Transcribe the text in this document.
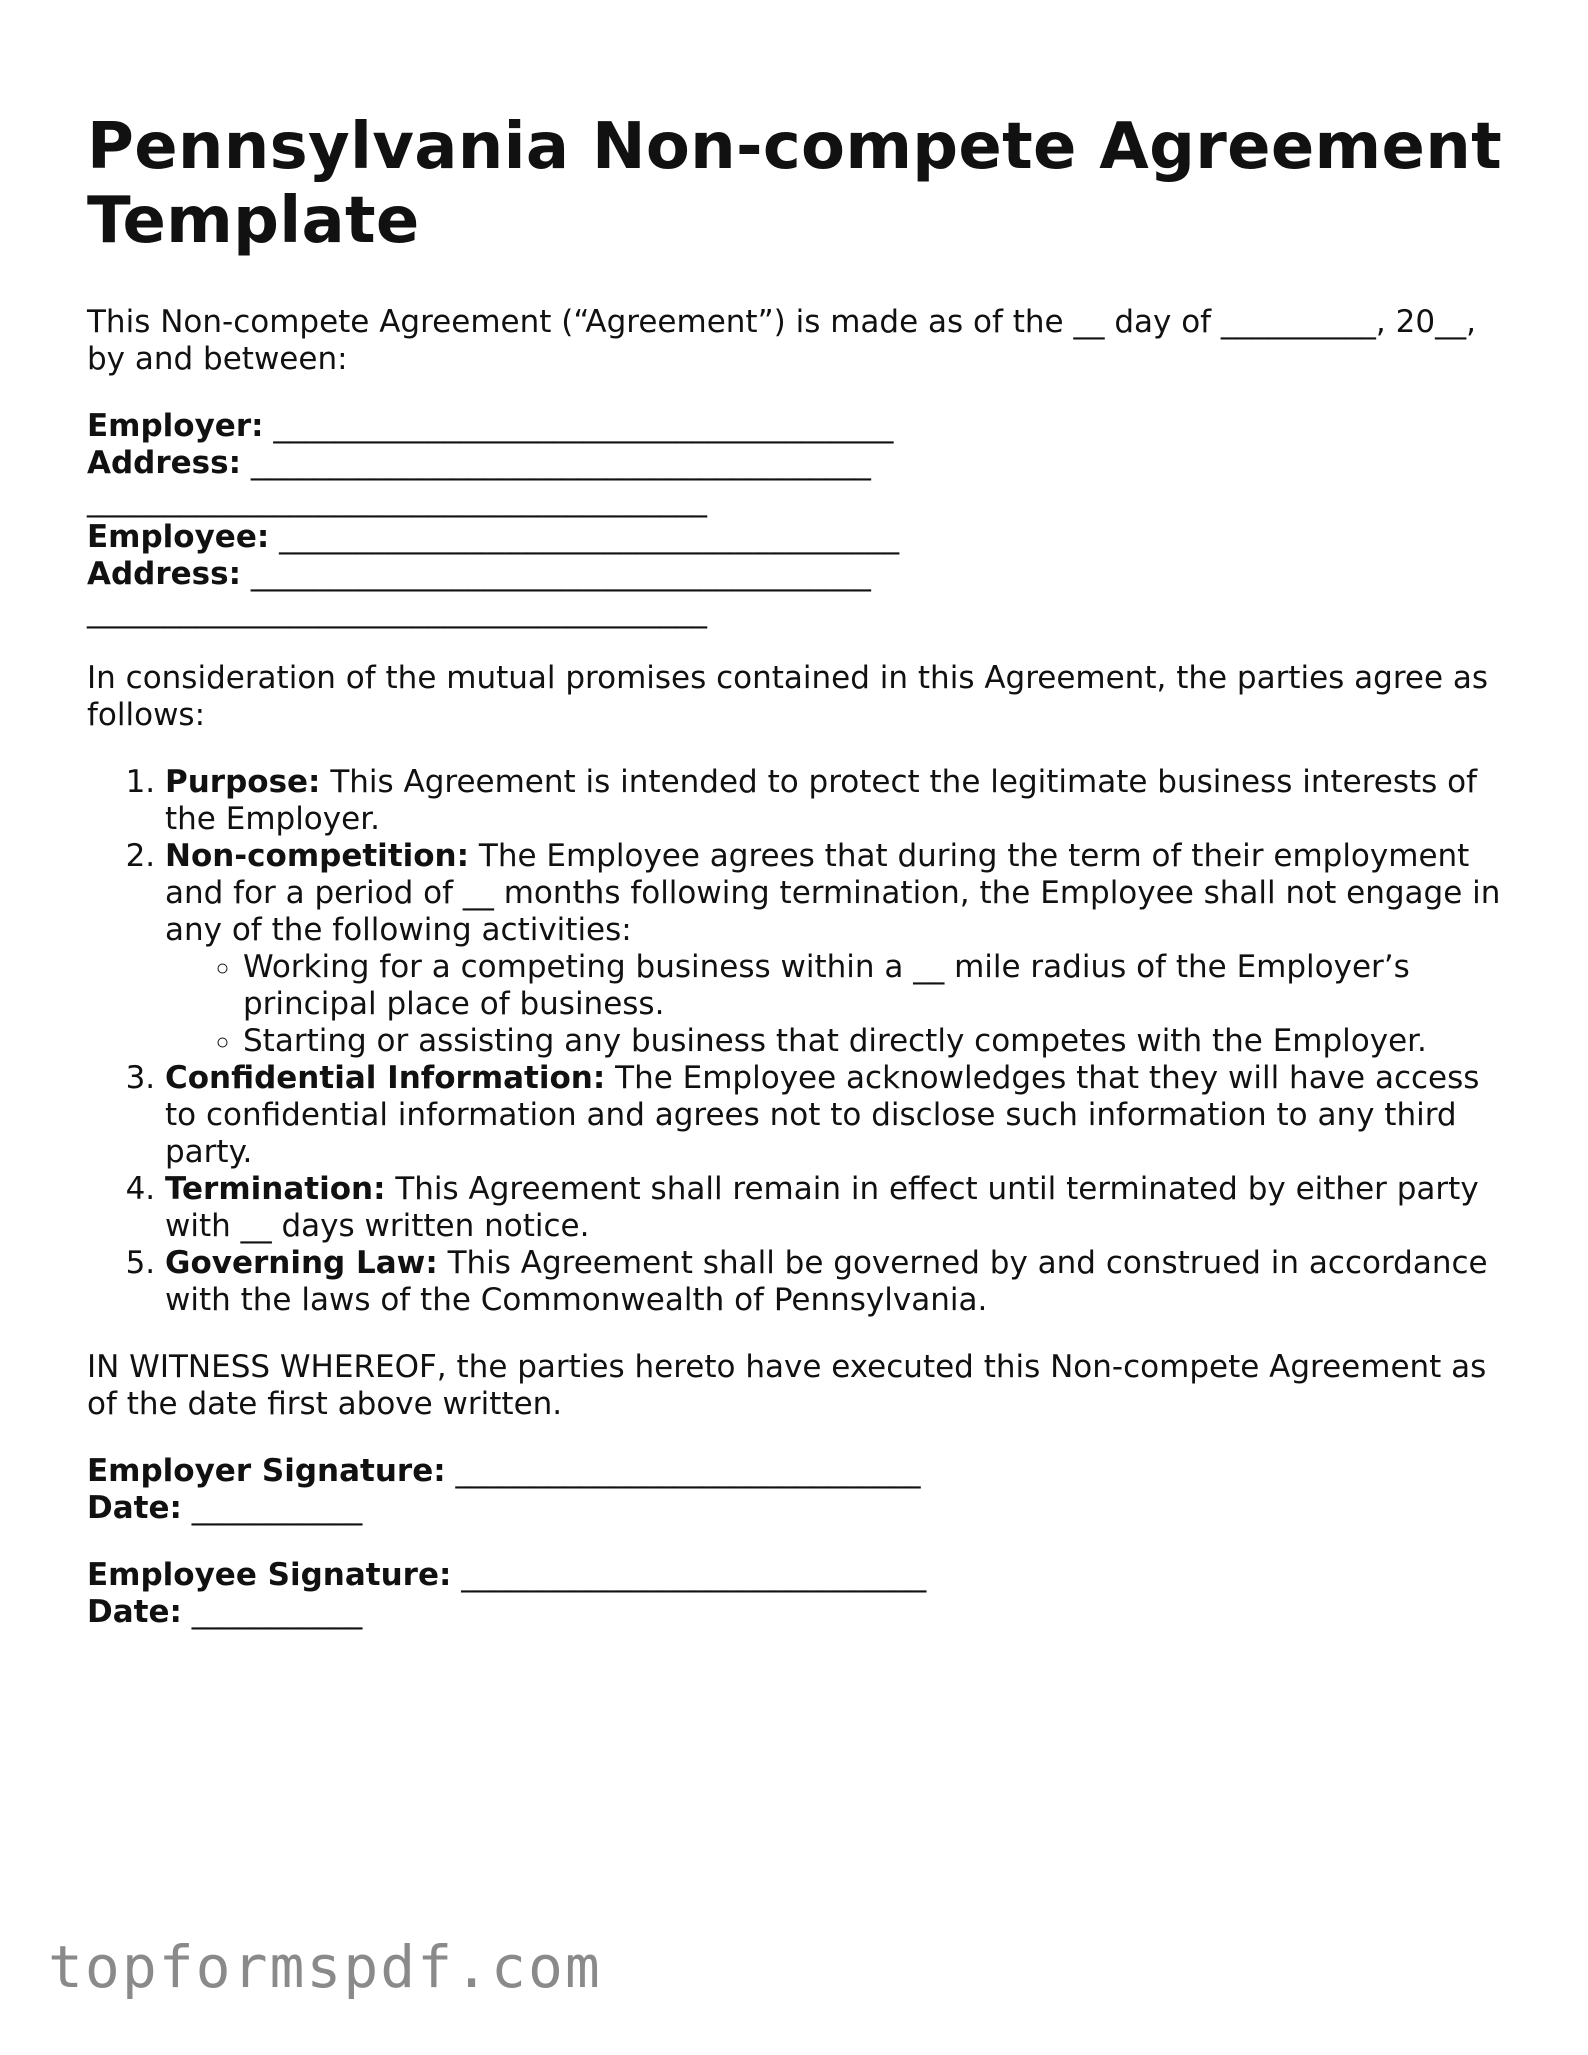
Pennsylvania Non-compete Agreement Template

This Non-compete Agreement (“Agreement”) is made as of the __ day of __________, 20__, by and between:

Employer: ________________________________________

Address: ________________________________________

________________________________________

Employee: ________________________________________

Address: ________________________________________

________________________________________

In consideration of the mutual promises contained in this Agreement, the parties agree as follows:

1. Purpose: This Agreement is intended to protect the legitimate business interests of the Employer.
2. Non-competition: The Employee agrees that during the term of their employment and for a period of __ months following termination, the Employee shall not engage in any of the following activities:
◦ Working for a competing business within a __ mile radius of the Employer’s principal place of business.
◦ Starting or assisting any business that directly competes with the Employer.
3. Confidential Information: The Employee acknowledges that they will have access to confidential information and agrees not to disclose such information to any third party.
4. Termination: This Agreement shall remain in effect until terminated by either party with __ days written notice.
5. Governing Law: This Agreement shall be governed by and construed in accordance with the laws of the Commonwealth of Pennsylvania.

IN WITNESS WHEREOF, the parties hereto have executed this Non-compete Agreement as of the date first above written.

Employer Signature: ______________________________

Date: ___________

Employee Signature: ______________________________

Date: ___________

topformspdf.com
